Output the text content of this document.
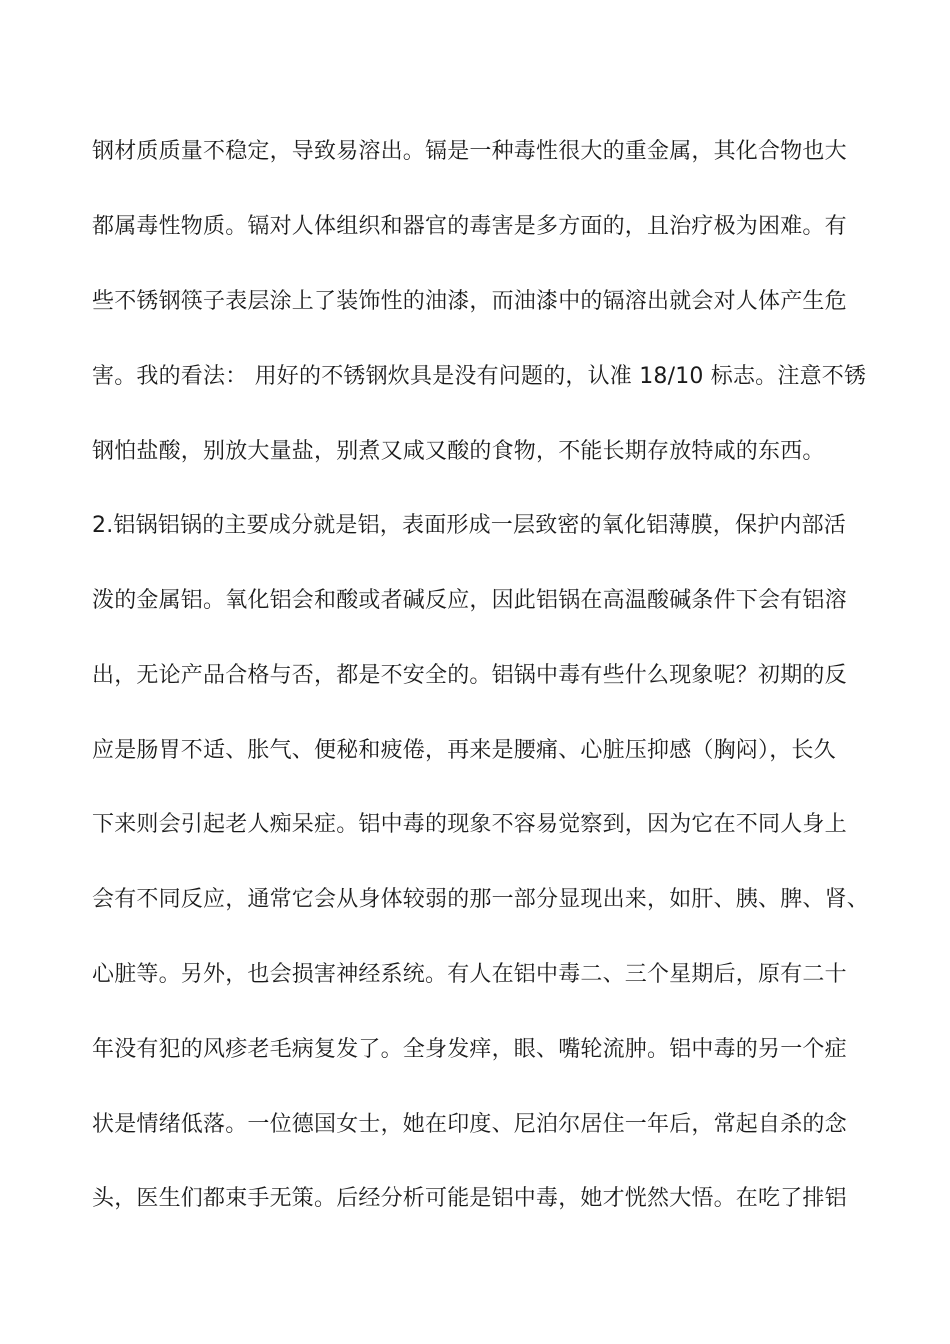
钢材质质量不稳定，导致易溶出。镉是一种毒性很大的重金属，其化合物也大

都属毒性物质。镉对人体组织和器官的毒害是多方面的，且治疗极为困难。有

些不锈钢筷子表层涂上了装饰性的油漆，而油漆中的镉溶出就会对人体产生危

害。我的看法： 用好的不锈钢炊具是没有问题的，认准 18/10 标志。注意不锈

钢怕盐酸，别放大量盐，别煮又咸又酸的食物，不能长期存放特咸的东西。

2.铝锅铝锅的主要成分就是铝，表面形成一层致密的氧化铝薄膜，保护内部活

泼的金属铝。氧化铝会和酸或者碱反应，因此铝锅在高温酸碱条件下会有铝溶

出，无论产品合格与否，都是不安全的。铝锅中毒有些什么现象呢？初期的反

应是肠胃不适、胀气、便秘和疲倦，再来是腰痛、心脏压抑感（胸闷），长久

下来则会引起老人痴呆症。铝中毒的现象不容易觉察到，因为它在不同人身上

会有不同反应，通常它会从身体较弱的那一部分显现出来，如肝、胰、脾、肾、

心脏等。另外，也会损害神经系统。有人在铝中毒二、三个星期后，原有二十

年没有犯的风疹老毛病复发了。全身发痒，眼、嘴轮流肿。铝中毒的另一个症

状是情绪低落。一位德国女士，她在印度、尼泊尔居住一年后，常起自杀的念

头，医生们都束手无策。后经分析可能是铝中毒，她才恍然大悟。在吃了排铝
